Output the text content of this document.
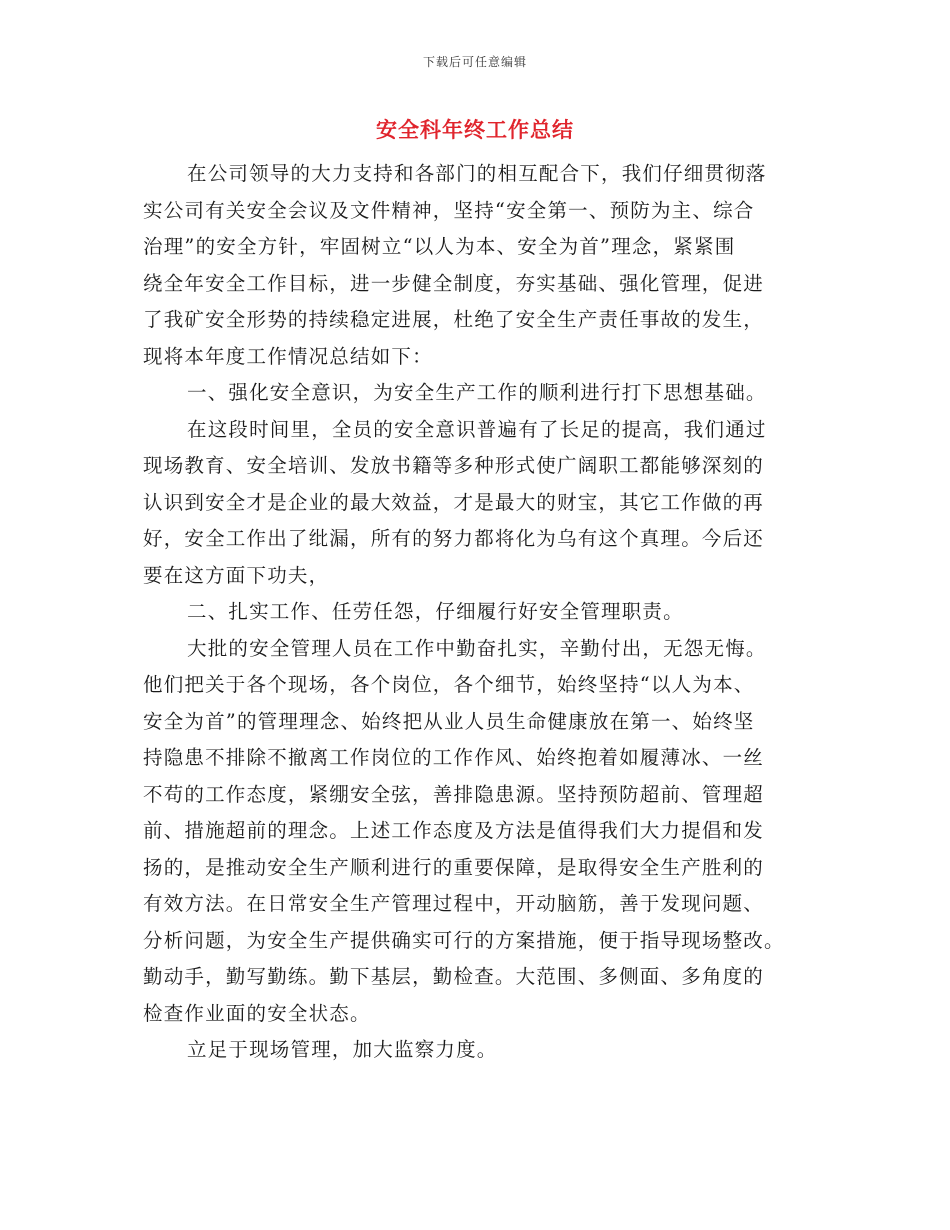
下载后可任意编辑
安全科年终工作总结
在公司领导的大力支持和各部门的相互配合下，我们仔细贯彻落
实公司有关安全会议及文件精神，坚持“安全第一、预防为主、综合
治理”的安全方针，牢固树立“以人为本、安全为首”理念，紧紧围
绕全年安全工作目标，进一步健全制度，夯实基础、强化管理，促进
了我矿安全形势的持续稳定进展，杜绝了安全生产责任事故的发生，
现将本年度工作情况总结如下：
一、强化安全意识，为安全生产工作的顺利进行打下思想基础。
在这段时间里，全员的安全意识普遍有了长足的提高，我们通过
现场教育、安全培训、发放书籍等多种形式使广阔职工都能够深刻的
认识到安全才是企业的最大效益，才是最大的财宝，其它工作做的再
好，安全工作出了纰漏，所有的努力都将化为乌有这个真理。今后还
要在这方面下功夫，
二、扎实工作、任劳任怨，仔细履行好安全管理职责。
大批的安全管理人员在工作中勤奋扎实，辛勤付出，无怨无悔。
他们把关于各个现场，各个岗位，各个细节，始终坚持“以人为本、
安全为首”的管理理念、始终把从业人员生命健康放在第一、始终坚
持隐患不排除不撤离工作岗位的工作作风、始终抱着如履薄冰、一丝
不苟的工作态度，紧绷安全弦，善排隐患源。坚持预防超前、管理超
前、措施超前的理念。上述工作态度及方法是值得我们大力提倡和发
扬的，是推动安全生产顺利进行的重要保障，是取得安全生产胜利的
有效方法。在日常安全生产管理过程中，开动脑筋，善于发现问题、
分析问题，为安全生产提供确实可行的方案措施，便于指导现场整改。
勤动手，勤写勤练。勤下基层，勤检查。大范围、多侧面、多角度的
检查作业面的安全状态。
立足于现场管理，加大监察力度。
